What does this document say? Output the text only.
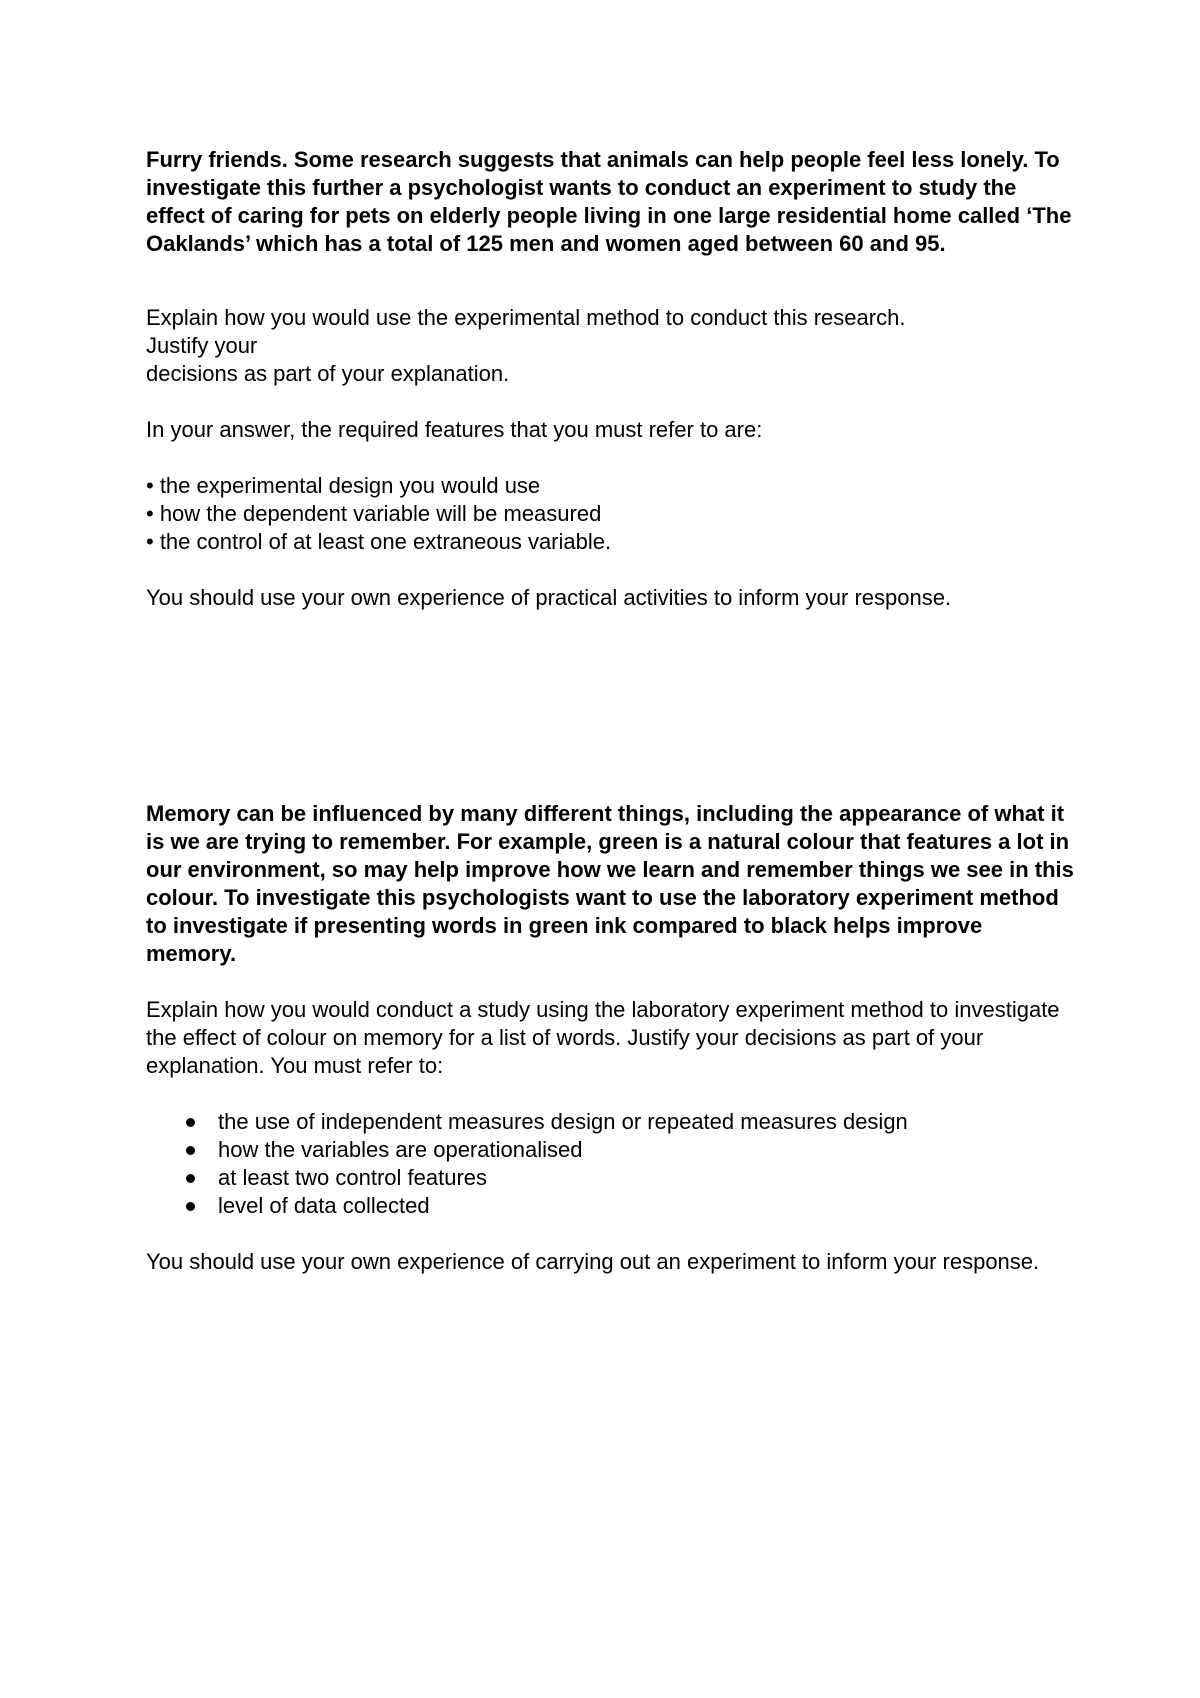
Furry friends. Some research suggests that animals can help people feel less lonely. To investigate this further a psychologist wants to conduct an experiment to study the effect of caring for pets on elderly people living in one large residential home called ‘The Oaklands’ which has a total of 125 men and women aged between 60 and 95.

Explain how you would use the experimental method to conduct this research.
Justify your
decisions as part of your explanation.

In your answer, the required features that you must refer to are:

• the experimental design you would use
• how the dependent variable will be measured
• the control of at least one extraneous variable.

You should use your own experience of practical activities to inform your response.

Memory can be influenced by many different things, including the appearance of what it is we are trying to remember. For example, green is a natural colour that features a lot in our environment, so may help improve how we learn and remember things we see in this colour. To investigate this psychologists want to use the laboratory experiment method to investigate if presenting words in green ink compared to black helps improve memory.

Explain how you would conduct a study using the laboratory experiment method to investigate the effect of colour on memory for a list of words. Justify your decisions as part of your explanation. You must refer to:

the use of independent measures design or repeated measures design
how the variables are operationalised
at least two control features
level of data collected

You should use your own experience of carrying out an experiment to inform your response.
